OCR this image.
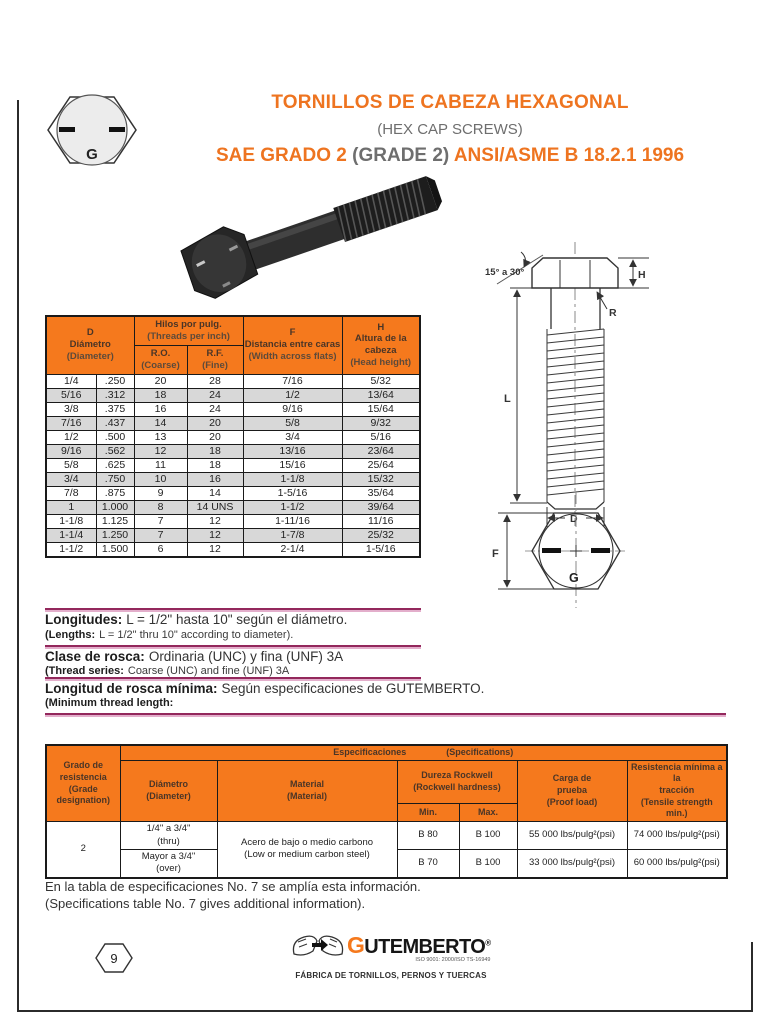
G
TORNILLOS DE CABEZA HEXAGONAL
(HEX CAP SCREWS)
SAE GRADO 2 (GRADE 2) ANSI/ASME B 18.2.1 1996
15° a 30°	H
R
L
D
G
F
D
Diámetro
(Diameter)		Hilos por pulg.
(Threads per inch)		F
Distancia entre caras
(Width across flats)	H
Altura de la cabeza
(Head height)

		R.O.
(Coarse)	R.F.
(Fine)		

1/4	.250	20	28	7/16	5/32
5/16	.312	18	24	1/2	13/64
3/8	.375	16	24	9/16	15/64
7/16	.437	14	20	5/8	9/32
1/2	.500	13	20	3/4	5/16
9/16	.562	12	18	13/16	23/64
5/8	.625	11	18	15/16	25/64
3/4	.750	10	16	1-1/8	15/32
7/8	.875	9	14	1-5/16	35/64
1	1.000	8	14 UNS	1-1/2	39/64
1-1/8	1.125	7	12	1-11/16	11/16
1-1/4	1.250	7	12	1-7/8	25/32
1-1/2	1.500	6	12	2-1/4	1-5/16
Longitudes: L = 1/2" hasta 10" según el diámetro.
(Lengths: L = 1/2" thru 10" according to diameter).
Clase de rosca: Ordinaria (UNC) y fina (UNF) 3A
(Thread series: Coarse (UNC) and fine (UNF) 3A
Longitud de rosca mínima: Según especificaciones de GUTEMBERTO.
(Minimum thread length:
Grado de resistencia
(Grade designation)	Especificaciones (Specifications)					

	Diámetro
(Diameter)	Material
(Material)	Dureza Rockwell
(Rockwell hardness)		Carga de
prueba
(Proof load)	Resistencia mínima a la
tracción
(Tensile strength min.)

			Min.	Max.		
2	1/4" a 3/4"
(thru)	Acero de bajo o medio carbono
(Low or medium carbon steel)	B 80	B 100	55 000 lbs/pulg²(psi)	74 000 lbs/pulg²(psi)

	Mayor a 3/4"
(over)		B 70	B 100	33 000 lbs/pulg²(psi)	60 000 lbs/pulg²(psi)
En la tabla de especificaciones No. 7 se amplía esta información.
(Specifications table No. 7 gives additional information).
9
GUTEMBERTO®
ISO 9001: 2000/ISO TS-16949
FÁBRICA DE TORNILLOS, PERNOS Y TUERCAS
